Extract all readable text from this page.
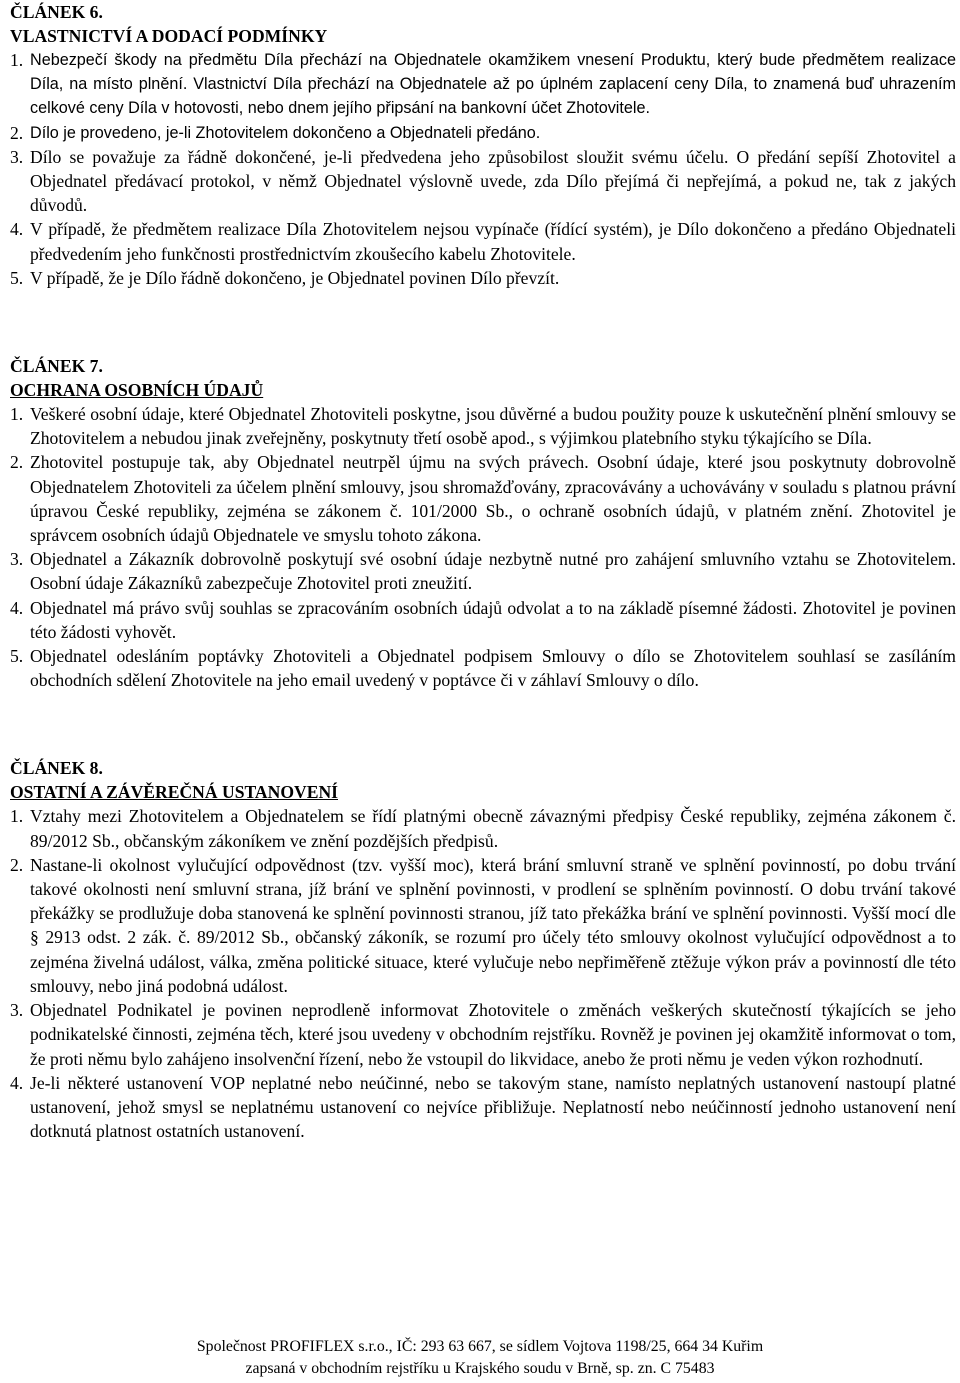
ČLÁNEK 6.

VLASTNICTVÍ A DODACÍ PODMÍNKY

1. Nebezpečí škody na předmětu Díla přechází na Objednatele okamžikem vnesení Produktu, který bude předmětem realizace Díla, na místo plnění. Vlastnictví Díla přechází na Objednatele až po úplném zaplacení ceny Díla, to znamená buď uhrazením celkové ceny Díla v hotovosti, nebo dnem jejího připsání na bankovní účet Zhotovitele.
2. Dílo je provedeno, je-li Zhotovitelem dokončeno a Objednateli předáno.
3. Dílo se považuje za řádně dokončené, je-li předvedena jeho způsobilost sloužit svému účelu. O předání sepíší Zhotovitel a Objednatel předávací protokol, v němž Objednatel výslovně uvede, zda Dílo přejímá či nepřejímá, a pokud ne, tak z jakých důvodů.
4. V případě, že předmětem realizace Díla Zhotovitelem nejsou vypínače (řídící systém), je Dílo dokončeno a předáno Objednateli předvedením jeho funkčnosti prostřednictvím zkoušecího kabelu Zhotovitele.
5. V případě, že je Dílo řádně dokončeno, je Objednatel povinen Dílo převzít.

ČLÁNEK 7.

OCHRANA OSOBNÍCH ÚDAJŮ

1. Veškeré osobní údaje, které Objednatel Zhotoviteli poskytne, jsou důvěrné a budou použity pouze k uskutečnění plnění smlouvy se Zhotovitelem a nebudou jinak zveřejněny, poskytnuty třetí osobě apod., s výjimkou platebního styku týkajícího se Díla.
2. Zhotovitel postupuje tak, aby Objednatel neutrpěl újmu na svých právech. Osobní údaje, které jsou poskytnuty dobrovolně Objednatelem Zhotoviteli za účelem plnění smlouvy, jsou shromažďovány, zpracovávány a uchovávány v souladu s platnou právní úpravou České republiky, zejména se zákonem č. 101/2000 Sb., o ochraně osobních údajů, v platném znění. Zhotovitel je správcem osobních údajů Objednatele ve smyslu tohoto zákona.
3. Objednatel a Zákazník dobrovolně poskytují své osobní údaje nezbytně nutné pro zahájení smluvního vztahu se Zhotovitelem. Osobní údaje Zákazníků zabezpečuje Zhotovitel proti zneužití.
4. Objednatel má právo svůj souhlas se zpracováním osobních údajů odvolat a to na základě písemné žádosti. Zhotovitel je povinen této žádosti vyhovět.
5. Objednatel odesláním poptávky Zhotoviteli a Objednatel podpisem Smlouvy o dílo se Zhotovitelem souhlasí se zasíláním obchodních sdělení Zhotovitele na jeho email uvedený v poptávce či v záhlaví Smlouvy o dílo.

ČLÁNEK 8.

OSTATNÍ A ZÁVĚREČNÁ USTANOVENÍ

1. Vztahy mezi Zhotovitelem a Objednatelem se řídí platnými obecně závaznými předpisy České republiky, zejména zákonem č. 89/2012 Sb., občanským zákoníkem ve znění pozdějších předpisů.
2. Nastane-li okolnost vylučující odpovědnost (tzv. vyšší moc), která brání smluvní straně ve splnění povinností, po dobu trvání takové okolnosti není smluvní strana, jíž brání ve splnění povinnosti, v prodlení se splněním povinností. O dobu trvání takové překážky se prodlužuje doba stanovená ke splnění povinnosti stranou, jíž tato překážka brání ve splnění povinnosti. Vyšší mocí dle § 2913 odst. 2 zák. č. 89/2012 Sb., občanský zákoník, se rozumí pro účely této smlouvy okolnost vylučující odpovědnost a to zejména živelná událost, válka, změna politické situace, které vylučuje nebo nepřiměřeně ztěžuje výkon práv a povinností dle této smlouvy, nebo jiná podobná událost.
3. Objednatel Podnikatel je povinen neprodleně informovat Zhotovitele o změnách veškerých skutečností týkajících se jeho podnikatelské činnosti, zejména těch, které jsou uvedeny v obchodním rejstříku. Rovněž je povinen jej okamžitě informovat o tom, že proti němu bylo zahájeno insolvenční řízení, nebo že vstoupil do likvidace, anebo že proti němu je veden výkon rozhodnutí.
4. Je-li některé ustanovení VOP neplatné nebo neúčinné, nebo se takovým stane, namísto neplatných ustanovení nastoupí platné ustanovení, jehož smysl se neplatnému ustanovení co nejvíce přibližuje. Neplatností nebo neúčinností jednoho ustanovení není dotknutá platnost ostatních ustanovení.
Společnost PROFIFLEX s.r.o., IČ: 293 63 667, se sídlem Vojtova 1198/25, 664 34 Kuřim
zapsaná v obchodním rejstříku u Krajského soudu v Brně, sp. zn. C 75483
